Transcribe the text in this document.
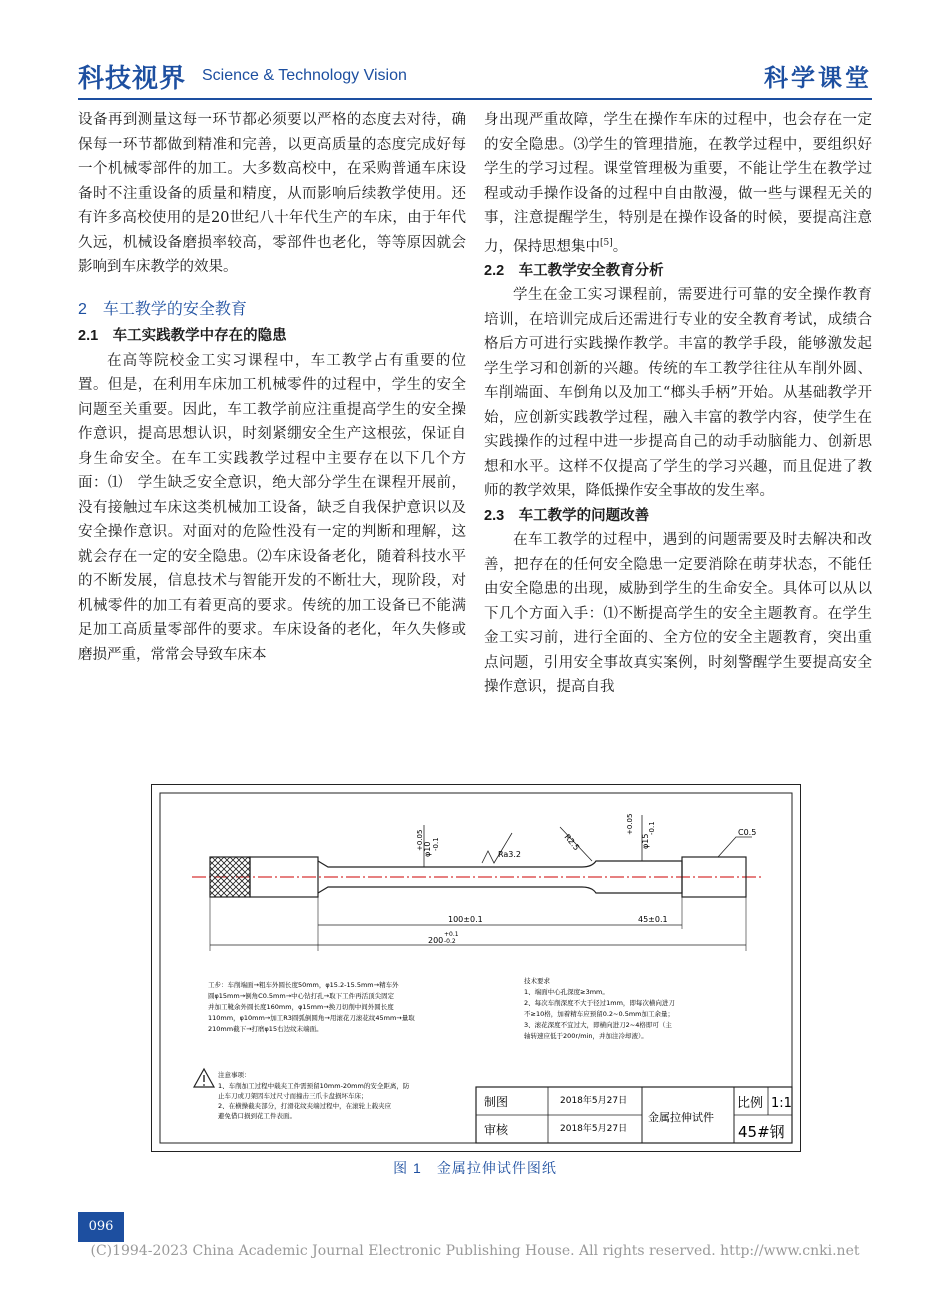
科技视界 Science & Technology Vision	科学课堂

设备再到测量这每一环节都必须要以严格的态度去对待，确保每一环节都做到精准和完善，以更高质量的态度完成好每一个机械零部件的加工。大多数高校中，在采购普通车床设备时不注重设备的质量和精度，从而影响后续教学使用。还有许多高校使用的是20世纪八十年代生产的车床，由于年代久远，机械设备磨损率较高，零部件也老化，等等原因就会影响到车床教学的效果。

2　车工教学的安全教育

2.1　车工实践教学中存在的隐患

在高等院校金工实习课程中，车工教学占有重要的位置。但是，在利用车床加工机械零件的过程中，学生的安全问题至关重要。因此，车工教学前应注重提高学生的安全操作意识，提高思想认识，时刻紧绷安全生产这根弦，保证自身生命安全。在车工实践教学过程中主要存在以下几个方面：⑴　学生缺乏安全意识，绝大部分学生在课程开展前，没有接触过车床这类机械加工设备，缺乏自我保护意识以及安全操作意识。对面对的危险性没有一定的判断和理解，这就会存在一定的安全隐患。⑵车床设备老化，随着科技水平的不断发展，信息技术与智能开发的不断壮大，现阶段，对机械零件的加工有着更高的要求。传统的加工设备已不能满足加工高质量零部件的要求。车床设备的老化，年久失修或磨损严重，常常会导致车床本

身出现严重故障，学生在操作车床的过程中，也会存在一定的安全隐患。⑶学生的管理措施，在教学过程中，要组织好学生的学习过程。课堂管理极为重要，不能让学生在教学过程或动手操作设备的过程中自由散漫，做一些与课程无关的事，注意提醒学生，特别是在操作设备的时候，要提高注意力，保持思想集中[5]。

2.2　车工教学安全教育分析

学生在金工实习课程前，需要进行可靠的安全操作教育培训，在培训完成后还需进行专业的安全教育考试，成绩合格后方可进行实践操作教学。丰富的教学手段，能够激发起学生学习和创新的兴趣。传统的车工教学往往从车削外圆、车削端面、车倒角以及加工“榔头手柄”开始。从基础教学开始，应创新实践教学过程，融入丰富的教学内容，使学生在实践操作的过程中进一步提高自己的动手动脑能力、创新思想和水平。这样不仅提高了学生的学习兴趣，而且促进了教师的教学效果，降低操作安全事故的发生率。

2.3　车工教学的问题改善

在车工教学的过程中，遇到的问题需要及时去解决和改善，把存在的任何安全隐患一定要消除在萌芽状态，不能任由安全隐患的出现，威胁到学生的生命安全。具体可以从以下几个方面入手：⑴不断提高学生的安全主题教育。在学生金工实习前，进行全面的、全方位的安全主题教育，突出重点问题，引用安全事故真实案例，时刻警醒学生要提高安全操作意识，提高自我

φ10
+0.05 -0.1
Ra3.2
R2.5	φ15
+0.05 -0.1	C0.5
100±0.1	45±0.1
200
+0.1
-0.2
工步：车削端面→粗车外圆长度50mm，φ15.2-15.5mm→精车外
圆φ15mm→倒角C0.5mm→中心钻打孔→取下工件再活顶尖固定
并加工靴余外圆长度160mm，φ15mm→换刀切削中间外圆长度
110mm，φ10mm→加工R3圆弧倒圆角→用滚花刀滚花纹45mm→量取
210mm截下→打磨φ15右边纹末端面。
技术要求
1、端面中心孔深度≥3mm。
2、每次车削深度不大于径过1mm，即每次横向进刀
不≥10格，加着精车应预留0.2~0.5mm加工余量；
3、滚花深度不宜过大，即横向进刀2~4格即可（主
轴转速应低于200r/min，并加注冷却液）。
注意事项：
1、车削加工过程中载夹工件需预留10mm-20mm的安全距离，防
止车刀或刀架因车过尺寸而撞击三爪卡盘损坏车床；
2、在横操截夹部分，打滑花纹夹端过程中，在滚轮上载夹应
避免借口损到花工件表面。
制图	2018年5月27日
审核	2018年5月27日
金属拉伸试件
比例 1:1
45#钢
图 1　金属拉伸试件图纸
096
(C)1994-2023 China Academic Journal Electronic Publishing House. All rights reserved. http://www.cnki.net
